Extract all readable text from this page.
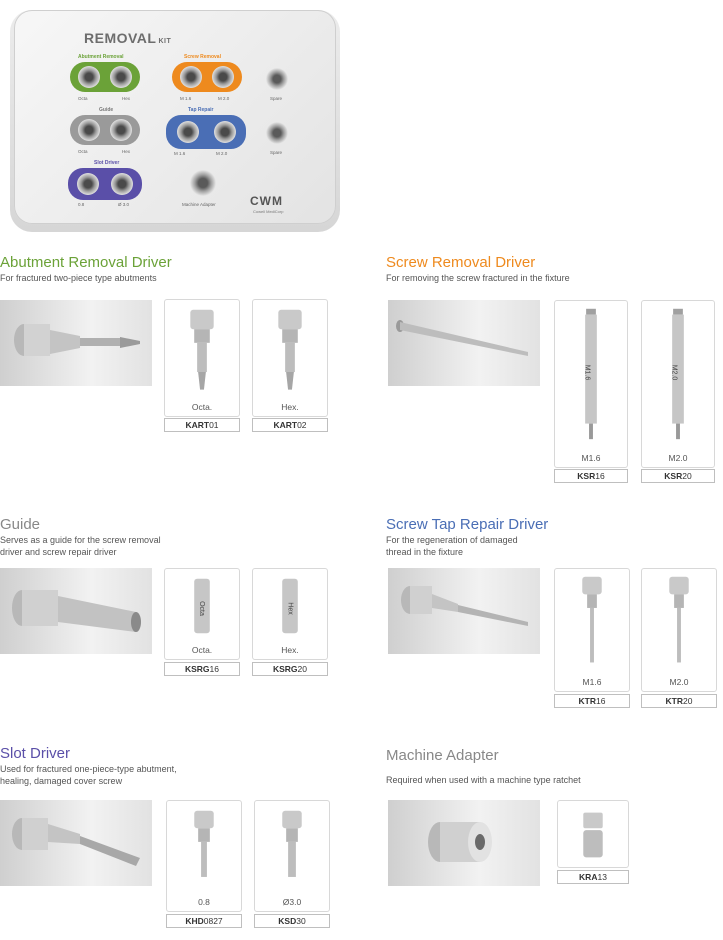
REMOVAL KIT
Abutment Removal
Octa	Hex
Screw Removal
M 1.6	M 2.0	Spare
Guide
Octa	Hex
Tap Repair
M 1.6	M 2.0	Spare
Slot Driver
0.8	Ø 3.0	Machine Adapter	CWM
Cowell MediCorp
Abutment Removal Driver
For fractured two-piece type abutments
Octa.
KART01
Hex.
KART02
Screw Removal Driver
For removing the screw fractured in the fixture
M1.6
M1.6
KSR16
M2.0
M2.0
KSR20
Guide
Serves as a guide for the screw removal
driver and screw repair driver
Octa
Octa.
KSRG16
Hex
Hex.
KSRG20
Screw Tap Repair Driver
For the regeneration of damaged
thread in the fixture
M1.6
KTR16
M2.0
KTR20
Slot Driver
Used for fractured one-piece-type abutment,
healing, damaged cover screw
0.8
KHD0827
Ø3.0
KSD30
Machine Adapter
Required when used with a machine type ratchet
KRA13
